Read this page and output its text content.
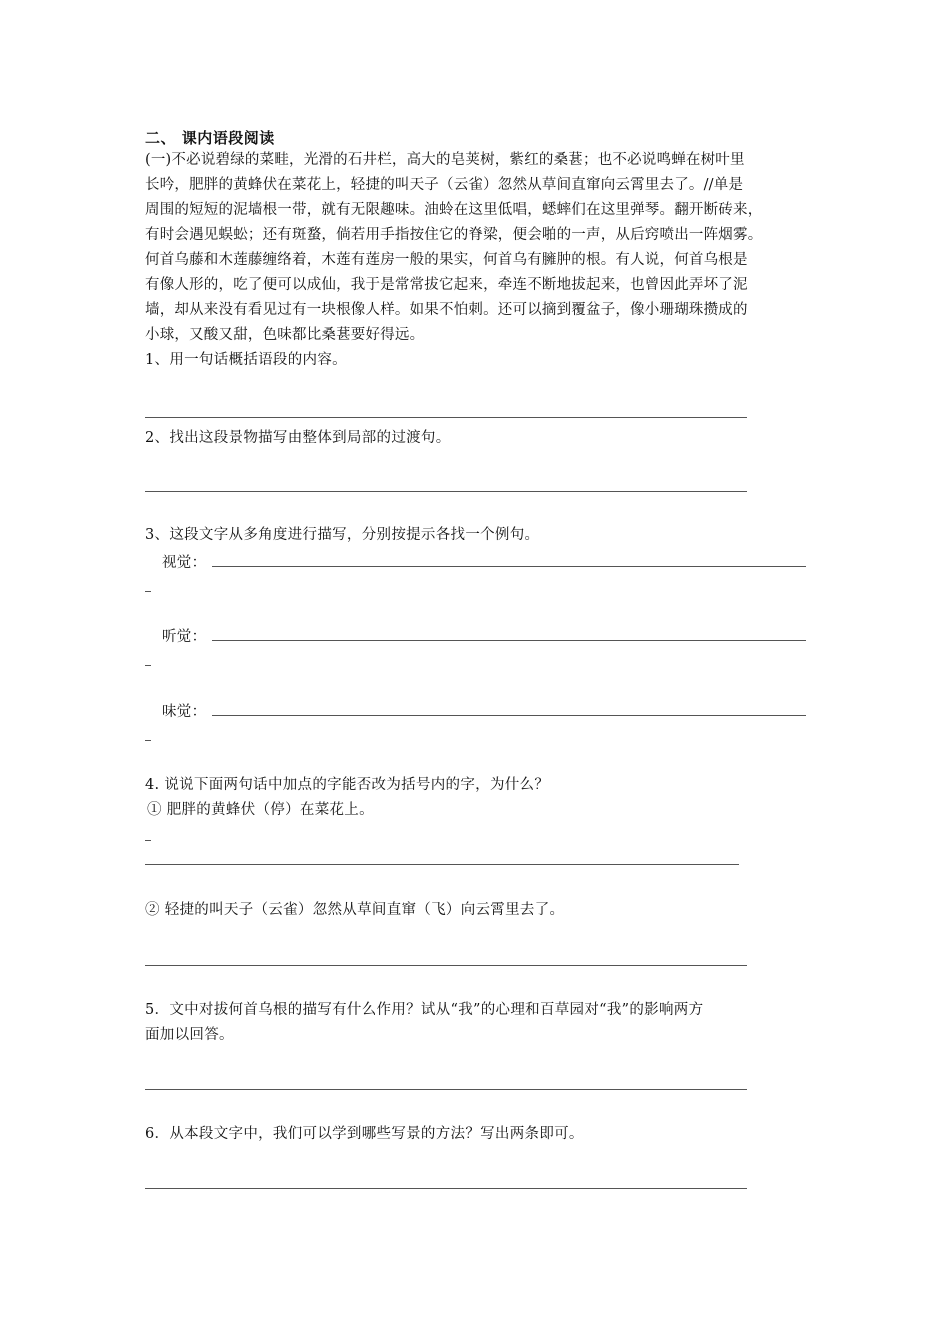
二、 课内语段阅读
(一)不必说碧绿的菜畦，光滑的石井栏，高大的皂荚树，紫红的桑葚；也不必说鸣蝉在树叶里
长吟，肥胖的黄蜂伏在菜花上，轻捷的叫天子（云雀）忽然从草间直窜向云霄里去了。//单是
周围的短短的泥墙根一带，就有无限趣味。油蛉在这里低唱，蟋蟀们在这里弹琴。翻开断砖来，
有时会遇见蜈蚣；还有斑蝥，倘若用手指按住它的脊梁，便会啪的一声，从后窍喷出一阵烟雾。
何首乌藤和木莲藤缠络着，木莲有莲房一般的果实，何首乌有臃肿的根。有人说，何首乌根是
有像人形的，吃了便可以成仙，我于是常常拔它起来，牵连不断地拔起来，也曾因此弄坏了泥
墙，却从来没有看见过有一块根像人样。如果不怕刺。还可以摘到覆盆子，像小珊瑚珠攒成的
小球，又酸又甜，色味都比桑葚要好得远。
1、用一句话概括语段的内容。
2、找出这段景物描写由整体到局部的过渡句。
3、这段文字从多角度进行描写，分别按提示各找一个例句。
视觉：
听觉：
味觉：
4. 说说下面两句话中加点的字能否改为括号内的字，为什么？
① 肥胖的黄蜂伏（停）在菜花上。
② 轻捷的叫天子（云雀）忽然从草间直窜（飞）向云霄里去了。
5．文中对拔何首乌根的描写有什么作用？试从“我”的心理和百草园对“我”的影响两方
面加以回答。
6．从本段文字中，我们可以学到哪些写景的方法？写出两条即可。
